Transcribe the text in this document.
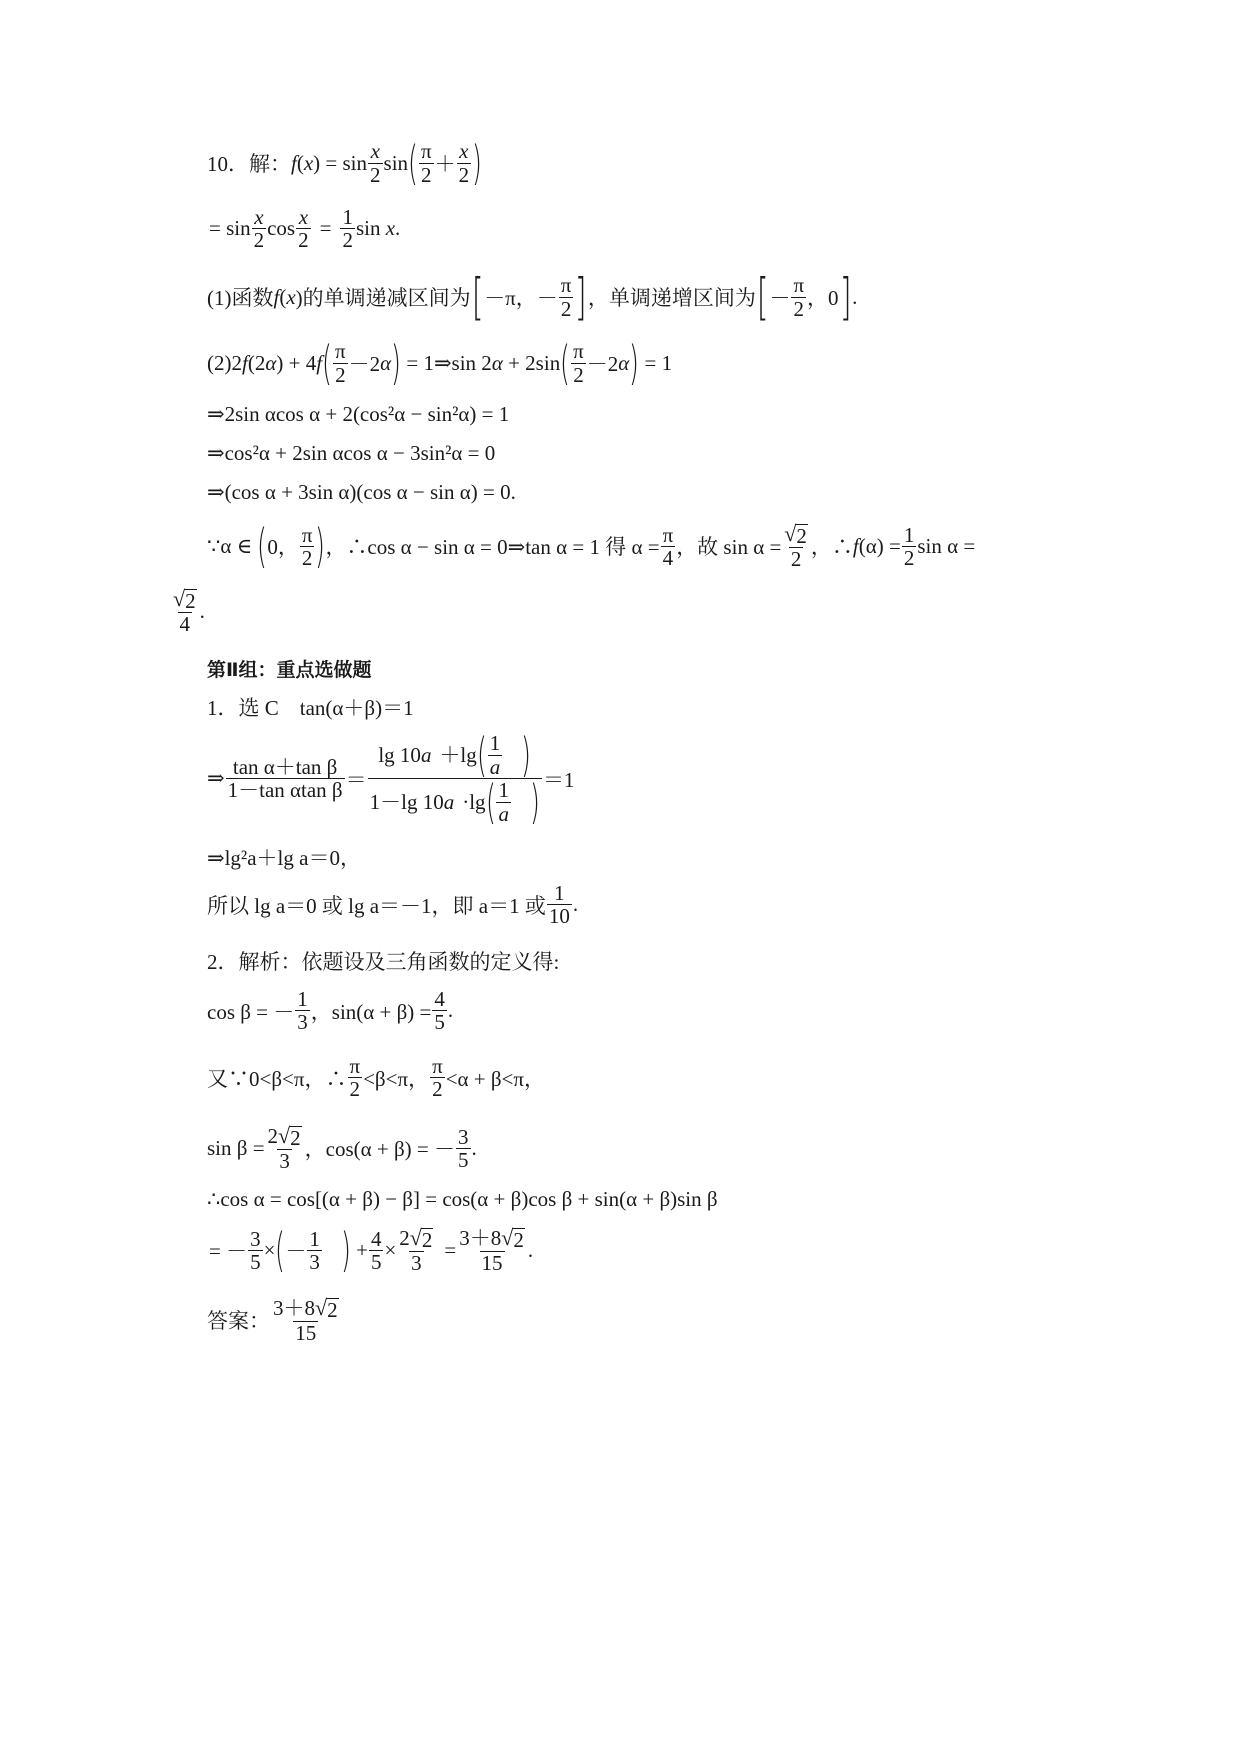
10．解： f ( x ) = $\sin \frac{x}{2}$ sin ( $\frac{\pi}{2} + \frac{x}{2}$ )
= $\sin \frac{x}{2}$ $\cos \frac{x}{2} = \frac{1}{2}$ sin x .
(1)函数 f ( x )的单调递减区间为 [ －π，－ $\frac{\pi}{2}$ ] ，单调递增区间为 [ － $\frac{\pi}{2}$ ，0 ] .
(2)2 f (2 α ) + 4 f ( $\frac{\pi}{2} -2$ α ) = 1⇒sin 2 α + 2sin ( $\frac{\pi}{2} -2$ α ) = 1
⇒2sin αcos α + 2(cos²α − sin²α) = 1
⇒cos²α + 2sin αcos α − 3sin²α = 0
⇒(cos α + 3sin α)(cos α − sin α) = 0.
∵α ∈ ( 0， $\frac{\pi}{2}$ ) ，∴cos α − sin α = 0⇒tan α = 1 得 $\alpha = \frac{\pi}{4}$ ，故 $\sin \alpha = \frac{√ 2}{2}$ ，∴ f $(\alpha) = \frac{1}{2}$ sin α =
$\frac{√ 2}{4}$ .
第Ⅱ组：重点选做题
1．选 C　tan(α＋β)＝1
⇒ $\frac{\text{tan α＋tan β}}{\text{1－tan αtan β}} = \frac{\lg 10 a +\lg ( \frac{1}{a} )}{1-\lg 10 a \cdot\lg ( \frac{1}{a} )} =1$
⇒lg²a＋lg a＝0，
所以 lg a＝0 或 lg a＝－1，即 a＝1 或 $\frac{1}{10}$ .
2．解析：依题设及三角函数的定义得:
cos β = － $\frac{1}{3}$ ，$\sin(\alpha + \beta) = \frac{4}{5}$ .
又∵0<β<π，∴ $\frac{\pi}{2} <\beta<\pi$， $\frac{\pi}{2} <\alpha + \beta<\pi$，
$\sin \beta = \frac{2 √ 2}{3}$ ，cos(α + β) = － $\frac{3}{5}$ .
∴cos α = cos[(α + β) − β] = cos(α + β)cos β + sin(α + β)sin β
= － $\frac{3}{5}$ × ( － $\frac{1}{3}$ ) + $\frac{4}{5} \times \frac{2 √ 2}{3} = \frac{3+8 √ 2}{15}$ .
答案： $\frac{3+8 √ 2}{15}$
